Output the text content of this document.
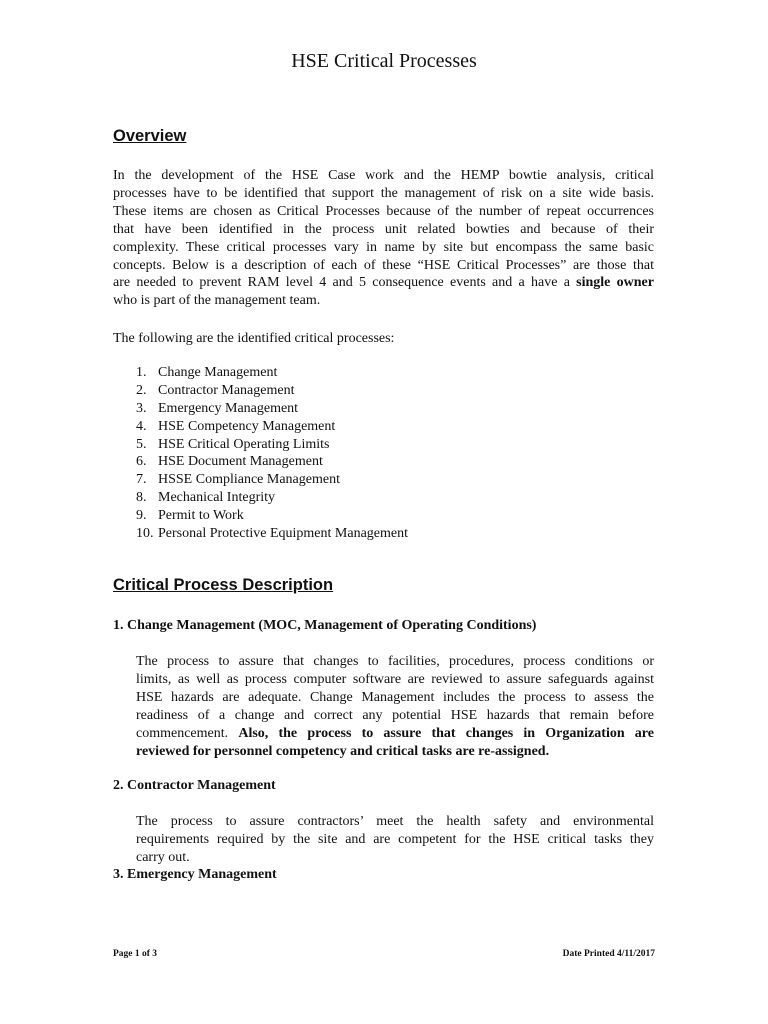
HSE Critical Processes
Overview
In the development of the HSE Case work and the HEMP bowtie analysis, critical
processes have to be identified that support the management of risk on a site wide basis.
These items are chosen as Critical Processes because of the number of repeat occurrences
that have been identified in the process unit related bowties and because of their
complexity. These critical processes vary in name by site but encompass the same basic
concepts. Below is a description of each of these “HSE Critical Processes” are those that
are needed to prevent RAM level 4 and 5 consequence events and a have a single owner
who is part of the management team.
The following are the identified critical processes:
1. Change Management
2. Contractor Management
3. Emergency Management
4. HSE Competency Management
5. HSE Critical Operating Limits
6. HSE Document Management
7. HSSE Compliance Management
8. Mechanical Integrity
9. Permit to Work
10. Personal Protective Equipment Management
Critical Process Description
1. Change Management (MOC, Management of Operating Conditions)
The process to assure that changes to facilities, procedures, process conditions or
limits, as well as process computer software are reviewed to assure safeguards against
HSE hazards are adequate. Change Management includes the process to assess the
readiness of a change and correct any potential HSE hazards that remain before
commencement. Also, the process to assure that changes in Organization are
reviewed for personnel competency and critical tasks are re-assigned.
2. Contractor Management
The process to assure contractors’ meet the health safety and environmental
requirements required by the site and are competent for the HSE critical tasks they
carry out.
3. Emergency Management
Page 1 of 3	Date Printed 4/11/2017
